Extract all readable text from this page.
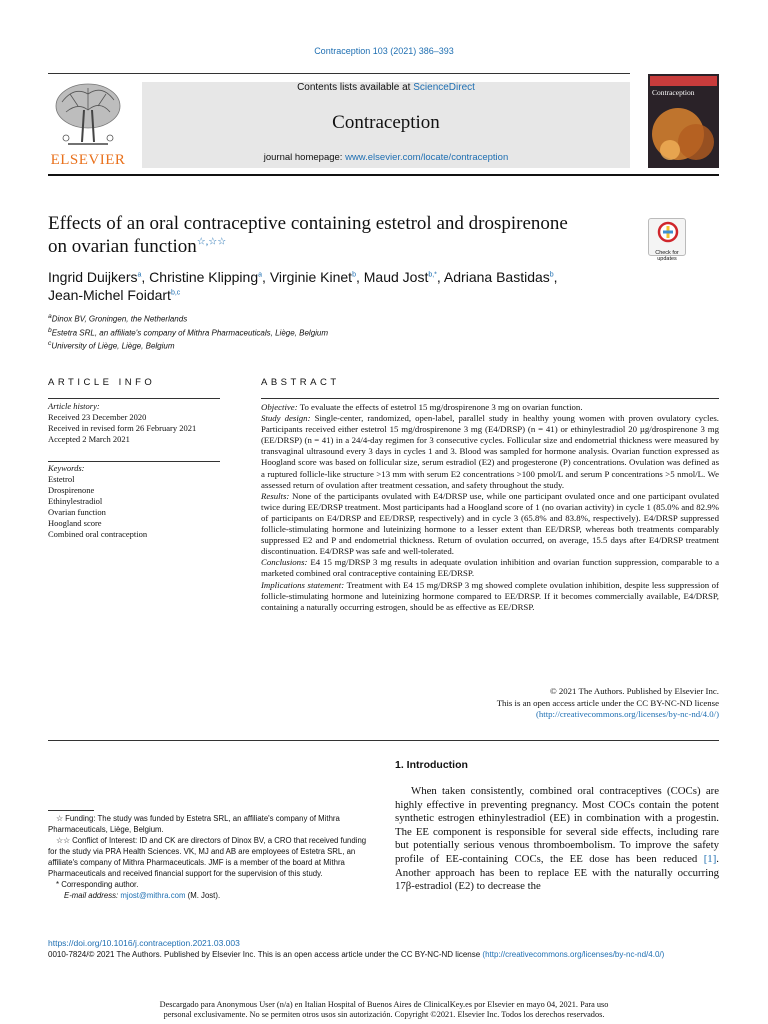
Contraception 103 (2021) 386–393
ELSEVIER
Contents lists available at ScienceDirect
Contraception
journal homepage: www.elsevier.com/locate/contraception
Contraception
Effects of an oral contraceptive containing estetrol and drospirenone
on ovarian function☆,☆☆
Check for updates
Ingrid Duijkers$^a$, Christine Klipping$^a$, Virginie Kinet$^b$, Maud Jost$^{b,*}$, Adriana Bastidas$^b$,
Jean-Michel Foidart$^{b,c}$
$^a$Dinox BV, Groningen, the Netherlands
$^b$Estetra SRL, an affiliate's company of Mithra Pharmaceuticals, Liège, Belgium
$^c$University of Liège, Liège, Belgium
ARTICLE INFO	ABSTRACT
Article history:
Received 23 December 2020
Received in revised form 26 February 2021
Accepted 2 March 2021
Keywords:
Estetrol
Drospirenone
Ethinylestradiol
Ovarian function
Hoogland score
Combined oral contraception

Objective: To evaluate the effects of estetrol 15 mg/drospirenone 3 mg on ovarian function.

Study design: Single-center, randomized, open-label, parallel study in healthy young women with proven ovulatory cycles. Participants received either estetrol 15 mg/drospirenone 3 mg (E4/DRSP) (n = 41) or ethinylestradiol 20 µg/drospirenone 3 mg (EE/DRSP) (n = 41) in a 24/4-day regimen for 3 consecutive cycles. Follicular size and endometrial thickness were measured by transvaginal ultrasound every 3 days in cycles 1 and 3. Blood was sampled for hormone analysis. Ovarian function expressed as Hoogland score was based on follicular size, serum estradiol (E2) and progesterone (P) concentrations. Ovulation was defined as a ruptured follicle-like structure >13 mm with serum E2 concentrations >100 pmol/L and serum P concentrations >5 nmol/L. We assessed return of ovulation after treatment cessation, and safety throughout the study.

Results: None of the participants ovulated with E4/DRSP use, while one participant ovulated once and one participant ovulated twice during EE/DRSP treatment. Most participants had a Hoogland score of 1 (no ovarian activity) in cycle 1 (85.0% and 82.9% of participants on E4/DRSP and EE/DRSP, respectively) and in cycle 3 (65.8% and 83.8%, respectively). E4/DRSP suppressed follicle-stimulating hormone and luteinizing hormone to a lesser extent than EE/DRSP, whereas both treatments comparably suppressed E2 and P and endometrial thickness. Return of ovulation occurred, on average, 15.5 days after E4/DRSP treatment discontinuation. E4/DRSP was safe and well-tolerated.

Conclusions: E4 15 mg/DRSP 3 mg results in adequate ovulation inhibition and ovarian function suppression, comparable to a marketed combined oral contraceptive containing EE/DRSP.

Implications statement: Treatment with E4 15 mg/DRSP 3 mg showed complete ovulation inhibition, despite less suppression of follicle-stimulating hormone and luteinizing hormone compared to EE/DRSP. If it becomes commercially available, E4/DRSP, containing a naturally occurring estrogen, should be as effective as EE/DRSP.

© 2021 The Authors. Published by Elsevier Inc.
This is an open access article under the CC BY-NC-ND license
(http://creativecommons.org/licenses/by-nc-nd/4.0/)
1. Introduction
When taken consistently, combined oral contraceptives (COCs) are highly effective in preventing pregnancy. Most COCs contain the potent synthetic estrogen ethinylestradiol (EE) in combination with a progestin. The EE component is responsible for several side effects, including rare but potentially serious venous thromboembolism. To improve the safety profile of EE-containing COCs, the EE dose has been reduced [1]. Another approach has been to replace EE with the naturally occurring 17β-estradiol (E2) to decrease the

☆ Funding: The study was funded by Estetra SRL, an affiliate's company of Mithra Pharmaceuticals, Liège, Belgium.

☆☆ Conflict of Interest: ID and CK are directors of Dinox BV, a CRO that received funding for the study via PRA Health Sciences. VK, MJ and AB are employees of Estetra SRL, an affiliate's company of Mithra Pharmaceuticals. JMF is a member of the board at Mithra Pharmaceuticals and received financial support for the supervision of this study.

* Corresponding author.

E-mail address: mjost@mithra.com (M. Jost).

https://doi.org/10.1016/j.contraception.2021.03.003
0010-7824/© 2021 The Authors. Published by Elsevier Inc. This is an open access article under the CC BY-NC-ND license (http://creativecommons.org/licenses/by-nc-nd/4.0/)
Descargado para Anonymous User (n/a) en Italian Hospital of Buenos Aires de ClinicalKey.es por Elsevier en mayo 04, 2021. Para uso
personal exclusivamente. No se permiten otros usos sin autorización. Copyright ©2021. Elsevier Inc. Todos los derechos reservados.
